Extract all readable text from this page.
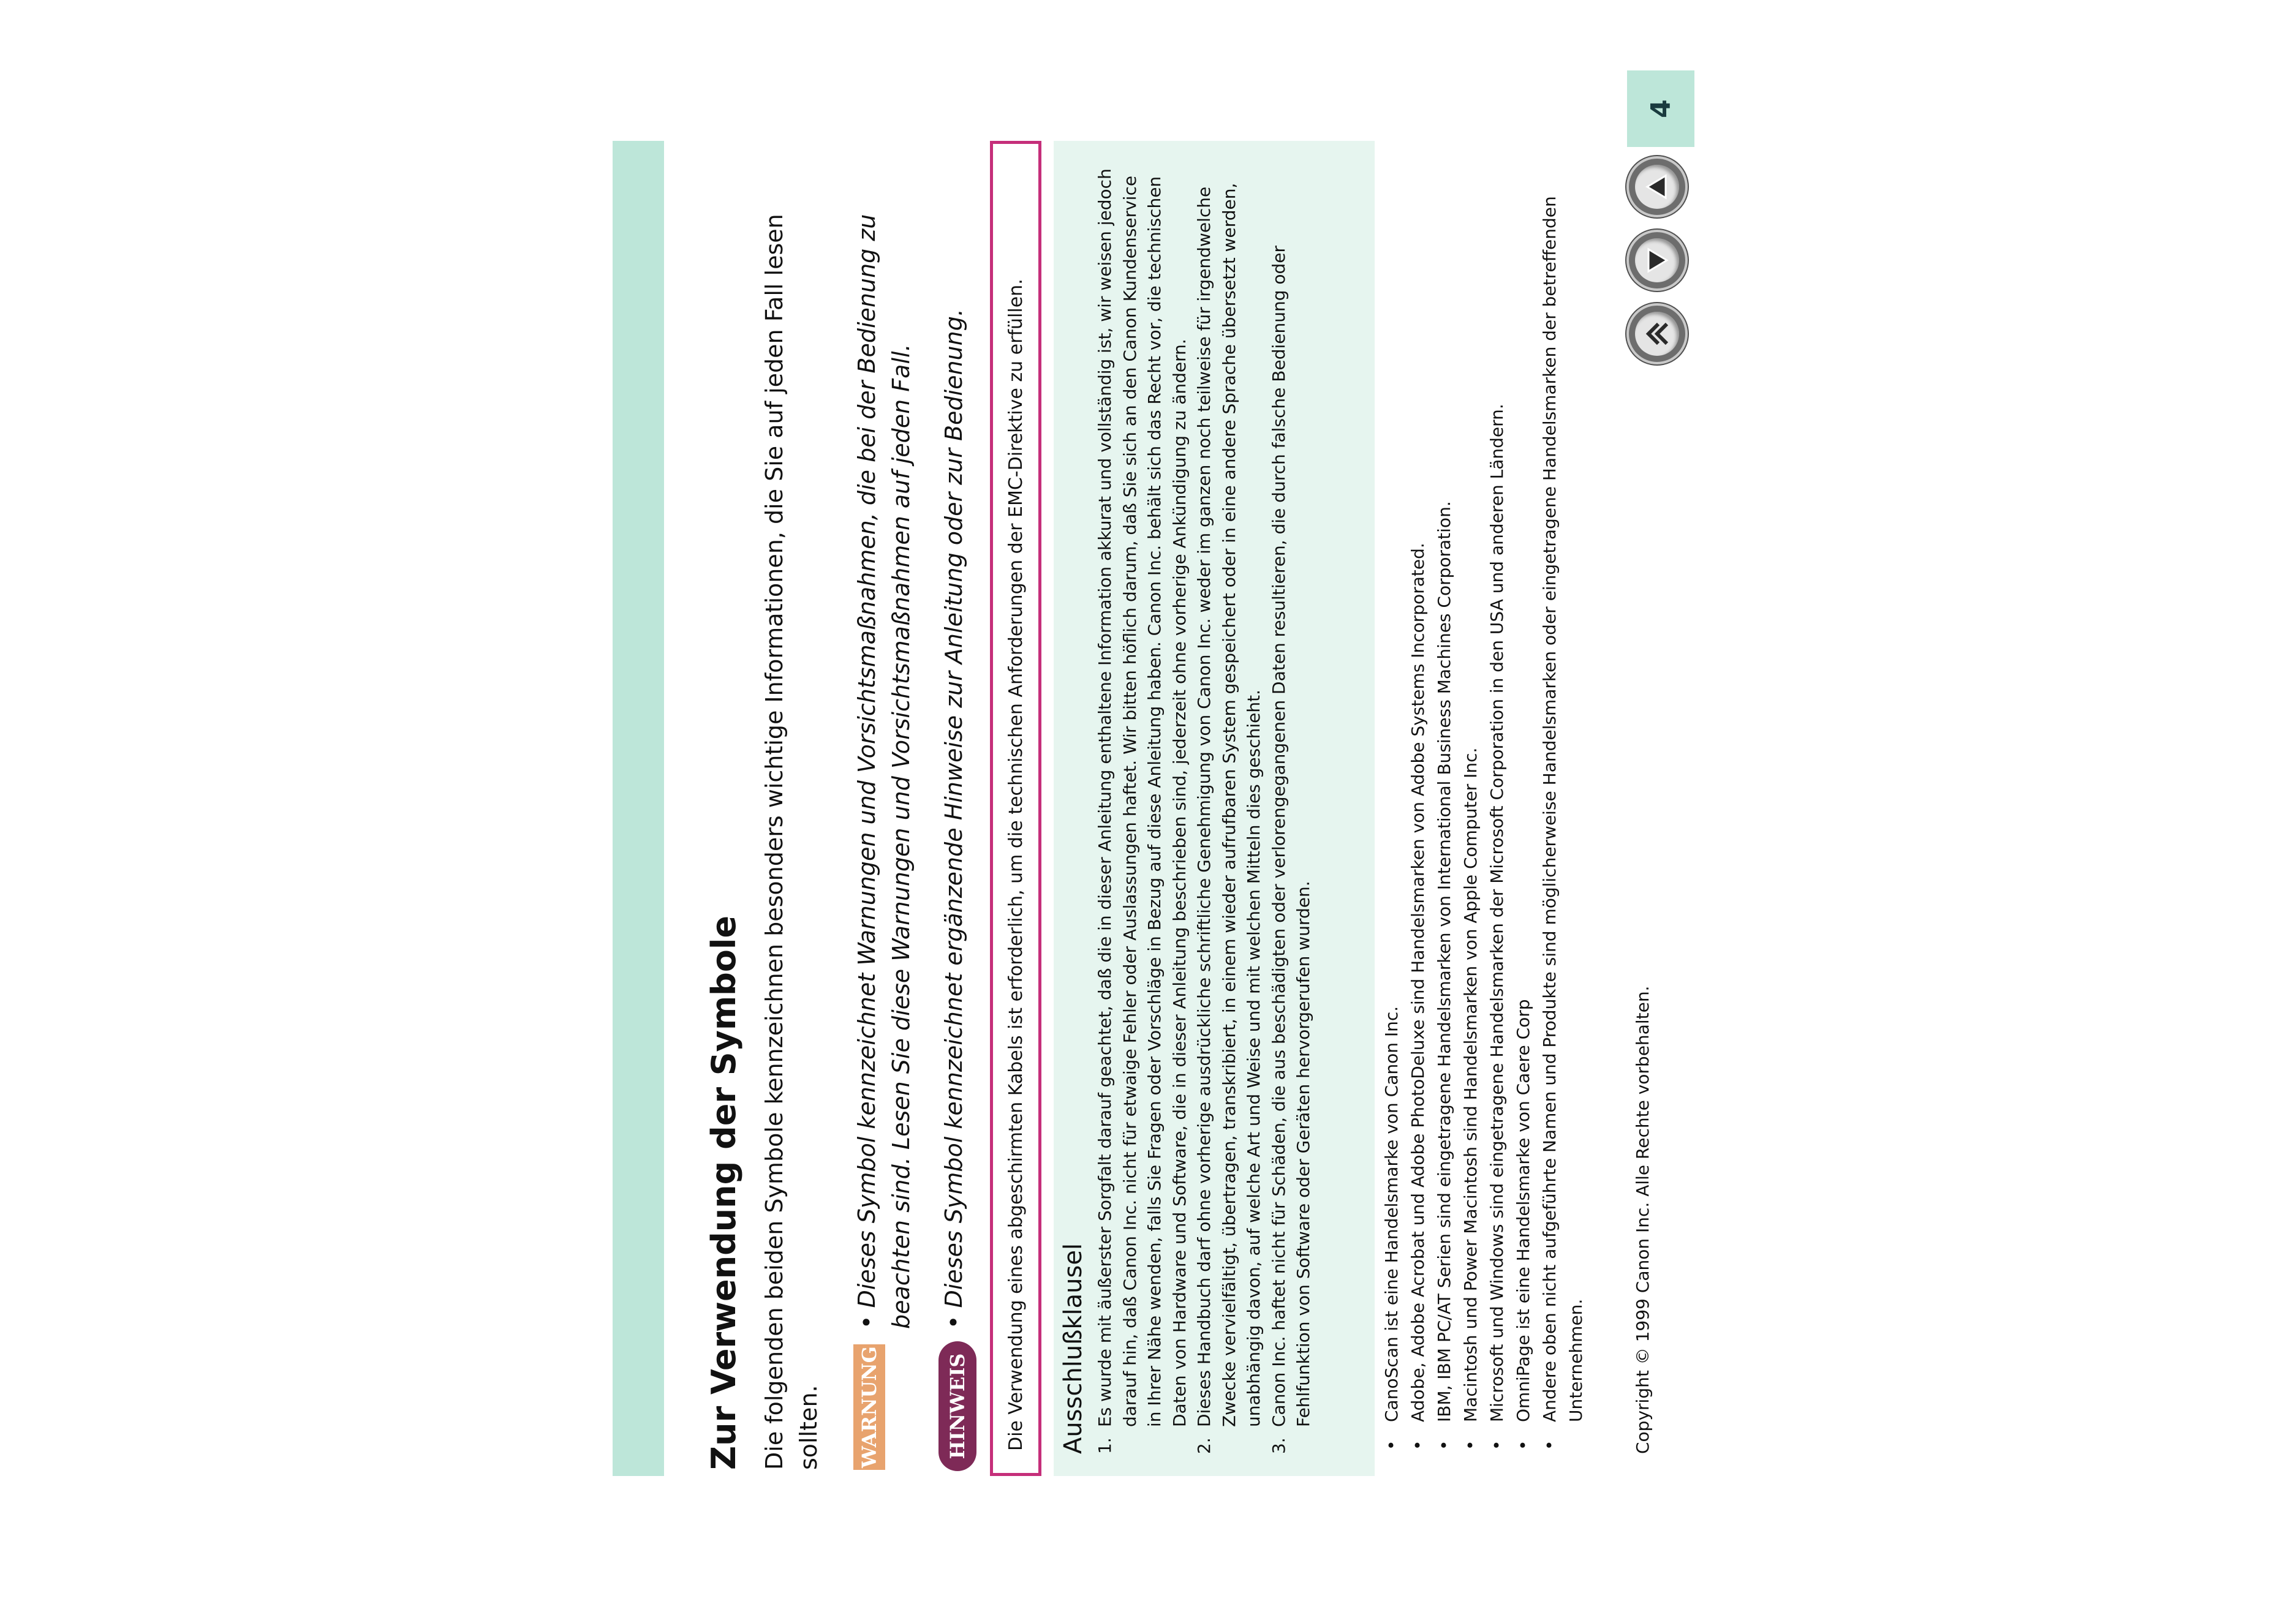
Zur Verwendung der Symbole Die folgenden beiden Symbole kennzeichnen besonders wichtige Informationen, die Sie auf jeden Fall lesen sollten. WARNUNG
• Dieses Symbol kennzeichnet Warnungen und Vorsichtsmaßnahmen, die bei der Bedienung zu beachten sind. Lesen Sie diese Warnungen und Vorsichtsmaßnahmen auf jeden Fall.
HINWEIS
• Dieses Symbol kennzeichnet ergänzende Hinweise zur Anleitung oder zur Bedienung. Die Verwendung eines abgeschirmten Kabels ist erforderlich, um die technischen Anforderungen der EMC-Direktive zu erfüllen. Ausschlußklausel 1.
Es wurde mit äußerster Sorgfalt darauf geachtet, daß die in dieser Anleitung enthaltene Information akkurat und vollständig ist, wir weisen jedoch darauf hin, daß Canon Inc. nicht für etwaige Fehler oder Auslassungen haftet. Wir bitten höflich darum, daß Sie sich an den Canon Kundenservice in Ihrer Nähe wenden, falls Sie Fragen oder Vorschläge in Bezug auf diese Anleitung haben. Canon Inc. behält sich das Recht vor, die technischen Daten von Hardware und Software, die in dieser Anleitung beschrieben sind, jederzeit ohne vorherige Ankündigung zu ändern.
2.
Dieses Handbuch darf ohne vorherige ausdrückliche schriftliche Genehmigung von Canon Inc. weder im ganzen noch teilweise für irgendwelche Zwecke vervielfältigt, übertragen, transkribiert, in einem wieder aufrufbaren System gespeichert oder in eine andere Sprache übersetzt werden, unabhängig davon, auf welche Art und Weise und mit welchen Mitteln dies geschieht.
3.
Canon Inc. haftet nicht für Schäden, die aus beschädigten oder verlorengegangenen Daten resultieren, die durch falsche Bedienung oder Fehlfunktion von Software oder Geräten hervorgerufen wurden.	• CanoScan ist eine Handelsmarke von Canon Inc. • Adobe, Adobe Acrobat und Adobe PhotoDeluxe sind Handelsmarken von Adobe Systems Incorporated. • IBM, IBM PC/AT Serien sind eingetragene Handelsmarken von International Business Machines Corporation. • Macintosh und Power Macintosh sind Handelsmarken von Apple Computer Inc. • Microsoft und Windows sind eingetragene Handelsmarken der Microsoft Corporation in den USA und anderen Ländern. • OmniPage ist eine Handelsmarke von Caere Corp • Andere oben nicht aufgeführte Namen und Produkte sind möglicherweise Handelsmarken oder eingetragene Handelsmarken der betreffenden Unternehmen.	Copyright © 1999 Canon Inc. Alle Rechte vorbehalten.
4
